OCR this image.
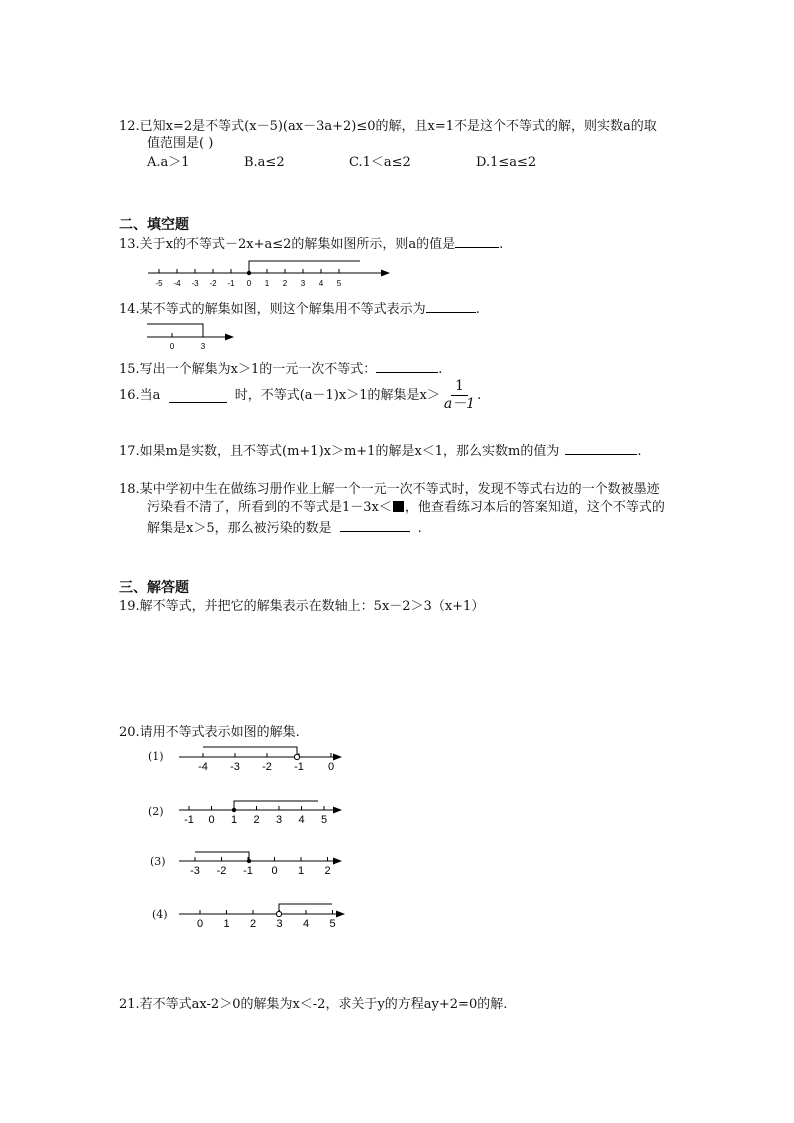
12.已知x=2是不等式(x－5)(ax－3a+2)≤0的解，且x=1不是这个不等式的解，则实数a的取
值范围是( )
A.a＞1	B.a≤2	C.1＜a≤2	D.1≤a≤2
二、填空题
13.关于x的不等式－2x+a≤2的解集如图所示，则a的值是	.
-5 -4 -3 -2 -1 0 1 2 3 4 5
14.某不等式的解集如图，则这个解集用不等式表示为	.
0	3
15.写出一个解集为x＞1的一元一次不等式：	.
16.当a	时，不等式(a－1)x＞1的解集是$x> \frac{1}{a-1}$ .
17.如果m是实数，且不等式(m+1)x＞m+1的解是x＜1，那么实数m的值为	.
18.某中学初中生在做练习册作业上解一个一元一次不等式时，发现不等式右边的一个数被墨迹
污染看不清了，所看到的不等式是1－3x＜ ，他查看练习本后的答案知道，这个不等式的
解集是x＞5，那么被污染的数是	.
三、解答题
19.解不等式，并把它的解集表示在数轴上：5x－2＞3（x+1）
20.请用不等式表示如图的解集.
(1)
-4 -3 -2 -1 0
(2)
-1 0 1 2 3 4 5
(3)
-3 -2 -1 0 1 2
(4)
0 1 2 3 4 5
21.若不等式ax-2＞0的解集为x＜-2，求关于y的方程ay+2=0的解.
